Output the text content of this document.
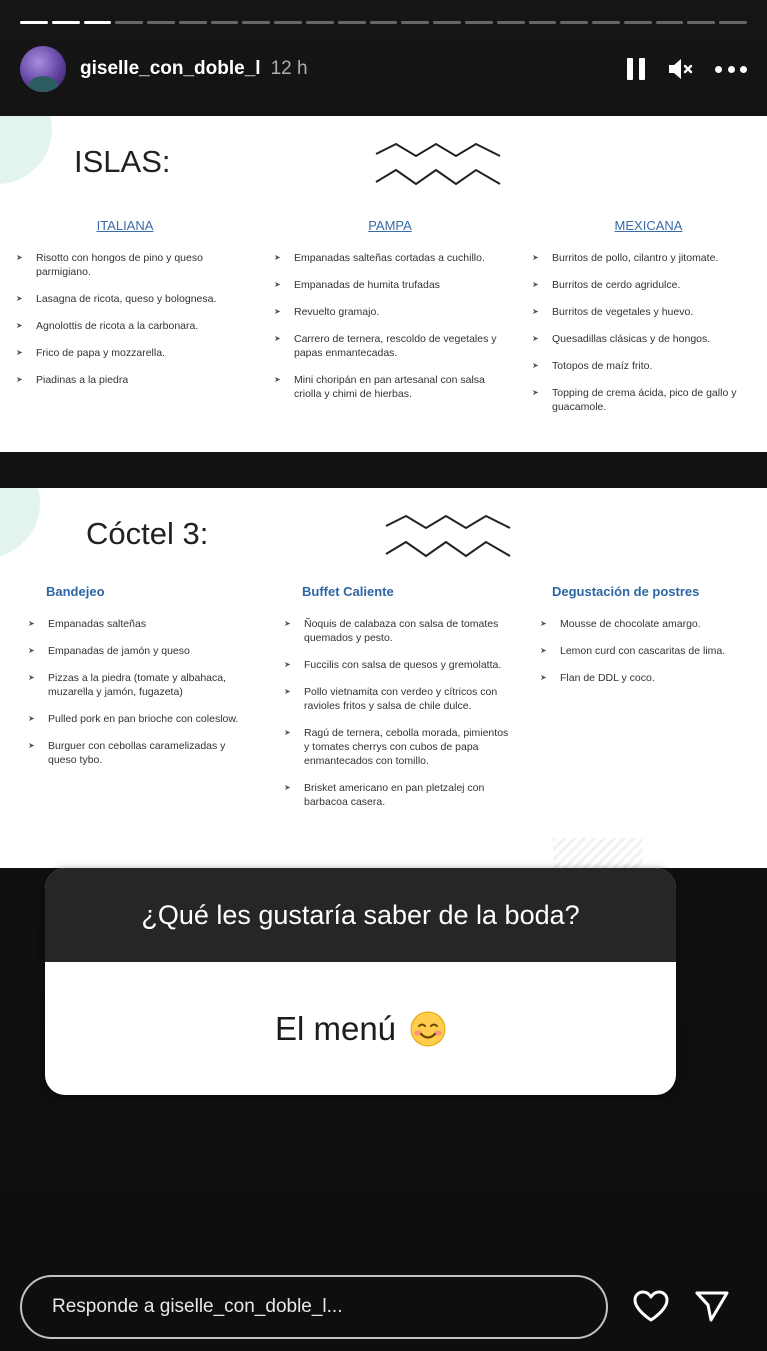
giselle_con_doble_l 12 h
ISLAS:
ITALIANA
➤ Risotto con hongos de pino y queso parmigiano.
➤ Lasagna de ricota, queso y bolognesa.
➤ Agnolottis de ricota a la carbonara.
➤ Frico de papa y mozzarella.
➤ Piadinas a la piedra
PAMPA
➤ Empanadas salteñas cortadas a cuchillo.
➤ Empanadas de humita trufadas
➤ Revuelto gramajo.
➤ Carrero de ternera, rescoldo de vegetales y papas enmantecadas.
➤ Mini choripán en pan artesanal con salsa criolla y chimi de hierbas.
MEXICANA
➤ Burritos de pollo, cilantro y jitomate.
➤ Burritos de cerdo agridulce.
➤ Burritos de vegetales y huevo.
➤ Quesadillas clásicas y de hongos.
➤ Totopos de maíz frito.
➤ Topping de crema ácida, pico de gallo y guacamole.
Cóctel 3:
Bandejeo
➤ Empanadas salteñas
➤ Empanadas de jamón y queso
➤ Pizzas a la piedra (tomate y albahaca, muzarella y jamón, fugazeta)
➤ Pulled pork en pan brioche con coleslow.
➤ Burguer con cebollas caramelizadas y queso tybo.
Buffet Caliente
➤ Ñoquis de calabaza con salsa de tomates quemados y pesto.
➤ Fuccilis con salsa de quesos y gremolatta.
➤ Pollo vietnamita con verdeo y cítricos con ravioles fritos y salsa de chile dulce.
➤ Ragú de ternera, cebolla morada, pimientos y tomates cherrys con cubos de papa enmantecados con tomillo.
➤ Brisket americano en pan pletzalej con barbacoa casera.
Degustación de postres
➤ Mousse de chocolate amargo.
➤ Lemon curd con cascaritas de lima.
➤ Flan de DDL y coco.
¿Qué les gustaría saber de la boda?
El menú
Responde a giselle_con_doble_l...
